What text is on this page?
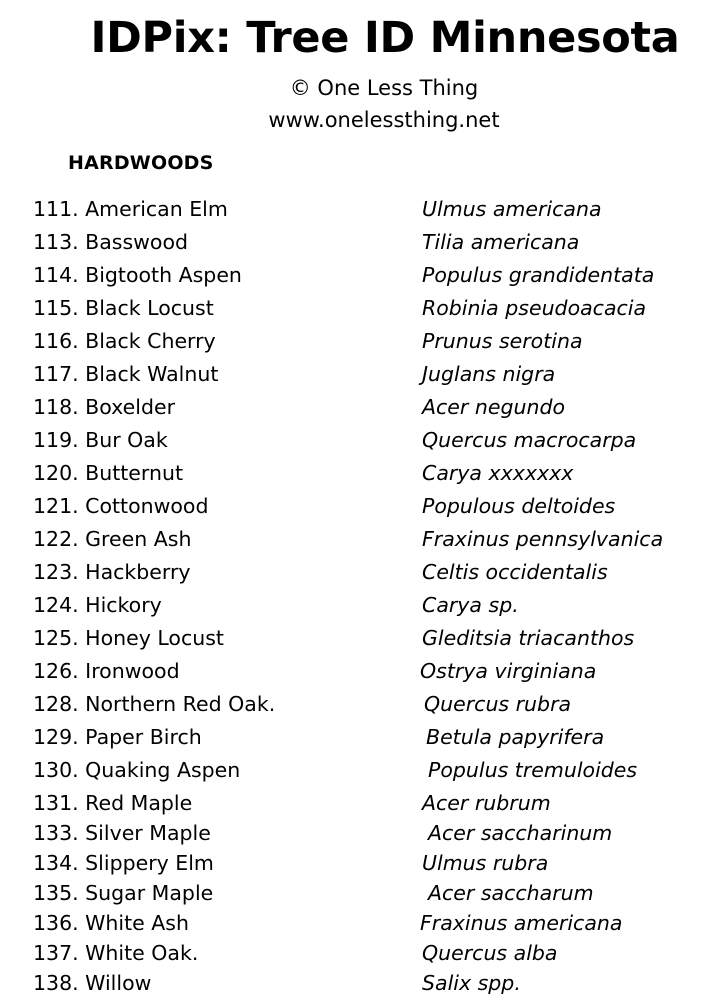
IDPix: Tree ID Minnesota
© One Less Thing
www.onelessthing.net
HARDWOODS
111. American Elm	Ulmus americana
113. Basswood	Tilia americana
114. Bigtooth Aspen	Populus grandidentata
115. Black Locust	Robinia pseudoacacia
116. Black Cherry	Prunus serotina
117. Black Walnut	Juglans nigra
118. Boxelder	Acer negundo
119. Bur Oak	Quercus macrocarpa
120. Butternut	Carya xxxxxxx
121. Cottonwood	Populous deltoides
122. Green Ash	Fraxinus pennsylvanica
123. Hackberry	Celtis occidentalis
124. Hickory	Carya sp.
125. Honey Locust	Gleditsia triacanthos
126. Ironwood	Ostrya virginiana
128. Northern Red Oak.	Quercus rubra
129. Paper Birch	Betula papyrifera
130. Quaking Aspen	Populus tremuloides
131. Red Maple	Acer rubrum
133. Silver Maple	Acer saccharinum
134. Slippery Elm	Ulmus rubra
135. Sugar Maple	Acer saccharum
136. White Ash	Fraxinus americana
137. White Oak.	Quercus alba
138. Willow	Salix spp.
